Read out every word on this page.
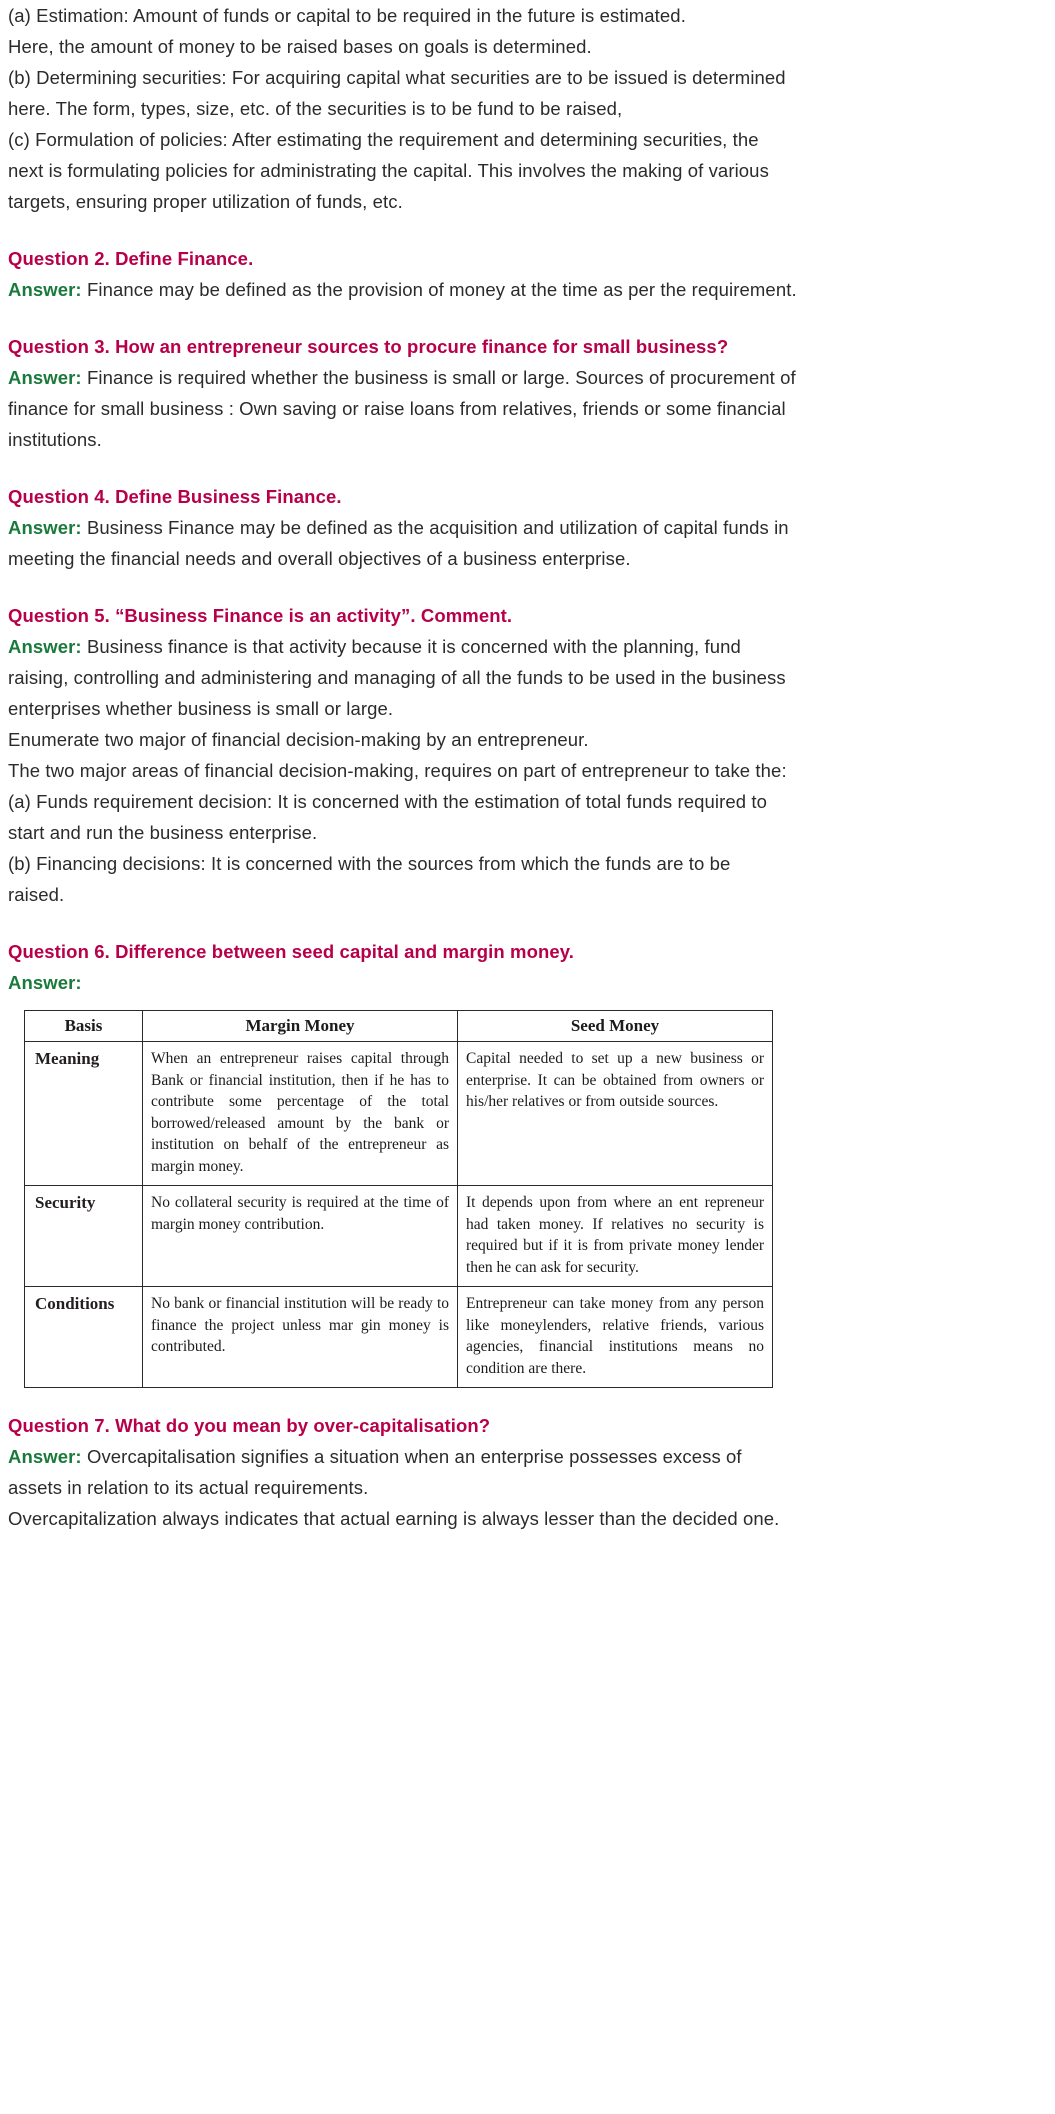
(a) Estimation: Amount of funds or capital to be required in the future is estimated.

Here, the amount of money to be raised bases on goals is determined.

(b) Determining securities: For acquiring capital what securities are to be issued is determined

here. The form, types, size, etc. of the securities is to be fund to be raised,

(c) Formulation of policies: After estimating the requirement and determining securities, the

next is formulating policies for administrating the capital. This involves the making of various

targets, ensuring proper utilization of funds, etc.

Question 2. Define Finance.

Answer: Finance may be defined as the provision of money at the time as per the requirement.

Question 3. How an entrepreneur sources to procure finance for small business?

Answer: Finance is required whether the business is small or large. Sources of procurement of

finance for small business : Own saving or raise loans from relatives, friends or some financial

institutions.

Question 4. Define Business Finance.

Answer: Business Finance may be defined as the acquisition and utilization of capital funds in

meeting the financial needs and overall objectives of a business enterprise.

Question 5. “Business Finance is an activity”. Comment.

Answer: Business finance is that activity because it is concerned with the planning, fund

raising, controlling and administering and managing of all the funds to be used in the business

enterprises whether business is small or large.

Enumerate two major of financial decision-making by an entrepreneur.

The two major areas of financial decision-making, requires on part of entrepreneur to take the:

(a) Funds requirement decision: It is concerned with the estimation of total funds required to

start and run the business enterprise.

(b) Financing decisions: It is concerned with the sources from which the funds are to be

raised.

Question 6. Difference between seed capital and margin money.

Answer:

Basis	Margin Money	Seed Money
Meaning	When an entrepreneur raises capital through Bank or financial institution, then if he has to contribute some percentage of the total borrowed/released amount by the bank or institution on behalf of the entrepreneur as margin money.	Capital needed to set up a new business or enterprise. It can be obtained from owners or his/her relatives or from outside sources.
Security	No collateral security is required at the time of margin money contribution.	It depends upon from where an ent repreneur had taken money. If relatives no security is required but if it is from private money lender then he can ask for security.
Conditions	No bank or financial institution will be ready to finance the project unless mar gin money is contributed.	Entrepreneur can take money from any person like moneylenders, relative friends, various agencies, financial institutions means no condition are there.

Question 7. What do you mean by over-capitalisation?

Answer: Overcapitalisation signifies a situation when an enterprise possesses excess of

assets in relation to its actual requirements.

Overcapitalization always indicates that actual earning is always lesser than the decided one.
